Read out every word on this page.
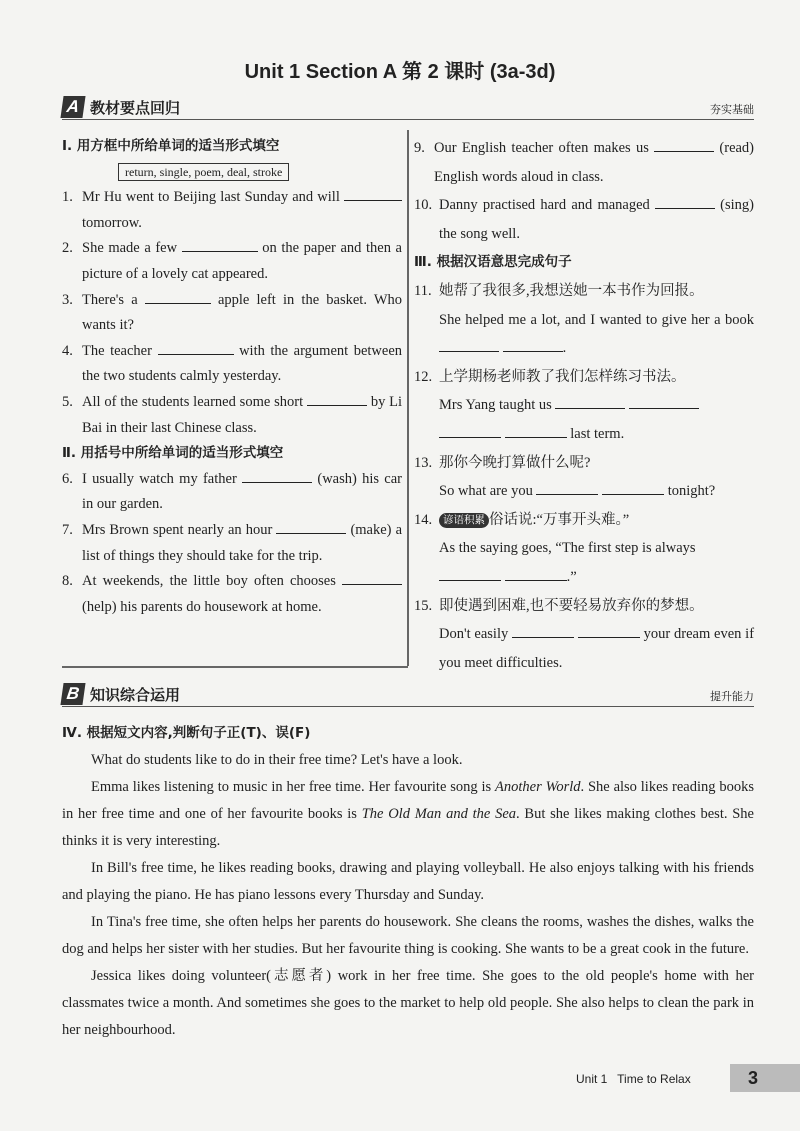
Unit 1 Section A 第 2 课时 (3a-3d)
A 教材要点回归	夯实基础
Ⅰ. 用方框中所给单词的适当形式填空
return, single, poem, deal, stroke
1. Mr Hu went to Beijing last Sunday and will  tomorrow.
2. She made a few	on the paper and then a picture of a lovely cat appeared.
3. There's a	apple left in the basket. Who wants it?
4. The teacher	with the argument between the two students calmly yesterday.
5. All of the students learned some short	by Li Bai in their last Chinese class.
Ⅱ. 用括号中所给单词的适当形式填空
6. I usually watch my father	(wash) his car in our garden.
7. Mrs Brown spent nearly an hour	(make) a list of things they should take for the trip.
8. At weekends, the little boy often chooses  (help) his parents do housework at home.
9. Our English teacher often makes us	(read) English words aloud in class.
10. Danny practised hard and managed	(sing) the song well.
Ⅲ. 根据汉语意思完成句子
11. 她帮了我很多,我想送她一本书作为回报。
She helped me a lot, and I wanted to give her a book  .
12. 上学期杨老师教了我们怎样练习书法。
Mrs Yang taught us
last term.
13. 那你今晚打算做什么呢?
So what are you	tonight?
14. 谚语积累 俗话说:“万事开头难。”
As the saying goes, “The first step is always
.”
15. 即使遇到困难,也不要轻易放弃你的梦想。
Don't easily	your dream even if you meet difficulties.
B 知识综合运用	提升能力
Ⅳ. 根据短文内容,判断句子正(T)、误(F)

What do students like to do in their free time? Let's have a look.

Emma likes listening to music in her free time. Her favourite song is Another World. She also likes reading books in her free time and one of her favourite books is The Old Man and the Sea. But she likes making clothes best. She thinks it is very interesting.

In Bill's free time, he likes reading books, drawing and playing volleyball. He also enjoys talking with his friends and playing the piano. He has piano lessons every Thursday and Sunday.

In Tina's free time, she often helps her parents do housework. She cleans the rooms, washes the dishes, walks the dog and helps her sister with her studies. But her favourite thing is cooking. She wants to be a great cook in the future.

Jessica likes doing volunteer(志愿者) work in her free time. She goes to the old people's home with her classmates twice a month. And sometimes she goes to the market to help old people. She also helps to clean the park in her neighbourhood.

Unit 1 Time to Relax	3
